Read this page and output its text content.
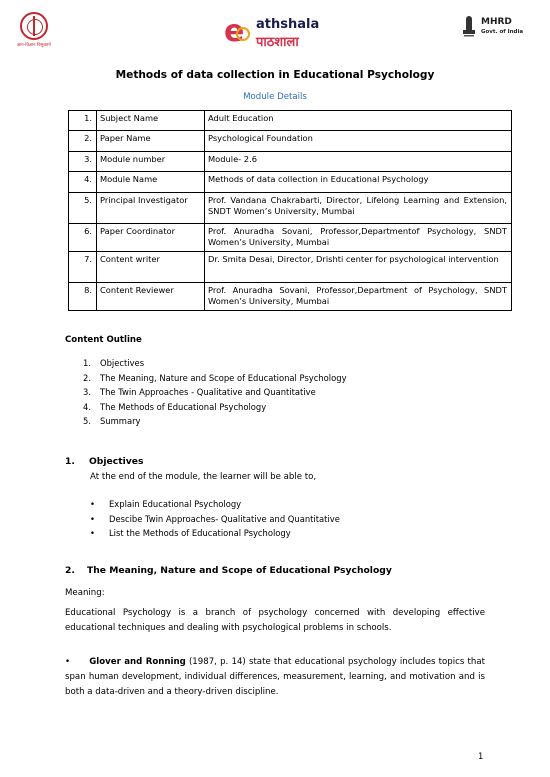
ज्ञान-विज्ञान विमुक्तये	e athshala
पाठशाला
MHRD
Govt. of India
Methods of data collection in Educational Psychology
Module Details
1.	Subject Name	Adult Education
2.	Paper Name	Psychological Foundation
3.	Module number	Module- 2.6
4.	Module Name	Methods of data collection in Educational Psychology
5.	Principal Investigator	Prof. Vandana Chakrabarti, Director, Lifelong Learning and Extension, SNDT Women’s University, Mumbai
6.	Paper Coordinator	Prof. Anuradha Sovani, Professor,Departmentof Psychology, SNDT Women’s University, Mumbai
7.	Content writer	Dr. Smita Desai, Director, Drishti center for psychological intervention
8.	Content Reviewer	Prof. Anuradha Sovani, Professor,Department of Psychology, SNDT Women’s University, Mumbai
Content Outline
1. Objectives
2. The Meaning, Nature and Scope of Educational Psychology
3. The Twin Approaches - Qualitative and Quantitative
4. The Methods of Educational Psychology
5. Summary
1. Objectives
At the end of the module, the learner will be able to,
• Explain Educational Psychology
• Descibe Twin Approaches- Qualitative and Quantitative
• List the Methods of Educational Psychology
2. The Meaning, Nature and Scope of Educational Psychology
Meaning:
Educational Psychology is a branch of psychology concerned with developing effective educational techniques and dealing with psychological problems in schools.
• Glover and Ronning (1987, p. 14) state that educational psychology includes topics that span human development, individual differences, measurement, learning, and motivation and is both a data-driven and a theory-driven discipline.
1
